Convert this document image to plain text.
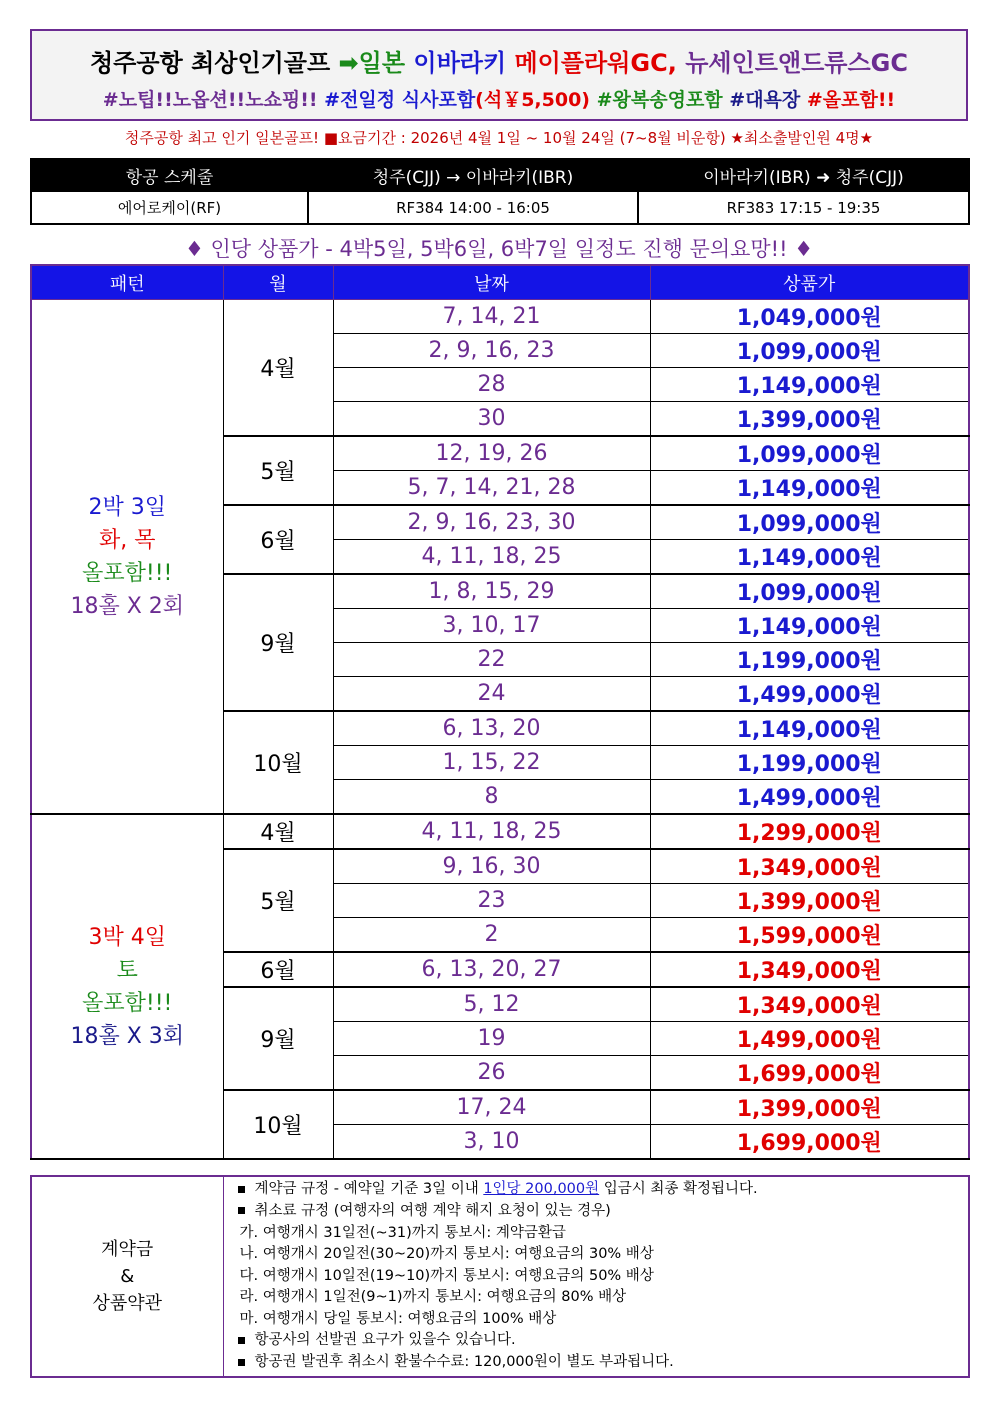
청주공항 최상인기골프 ➡일본 이바라키 메이플라워GC, 뉴세인트앤드류스GC
#노팁!!노옵션!!노쇼핑!! #전일정 식사포함(석￥5,500) #왕복송영포함 #대욕장 #올포함!!
청주공항 최고 인기 일본골프! ■요금기간 : 2026년 4월 1일 ~ 10월 24일 (7~8월 비운항) ★최소출발인원 4명★
항공 스케줄	청주(CJJ) → 이바라키(IBR)	이바라키(IBR) ➜ 청주(CJJ)
에어로케이(RF)	RF384 14:00 - 16:05	RF383 17:15 - 19:35
♦ 인당 상품가 - 4박5일, 5박6일, 6박7일 일정도 진행 문의요망!! ♦
패턴	월	날짜	상품가

2박 3일
화, 목
올포함!!!
18홀 X 2회	4월	7, 14, 21	1,049,000원
		2, 9, 16, 23	1,099,000원
		28	1,149,000원
		30	1,399,000원
	5월	12, 19, 26	1,099,000원
		5, 7, 14, 21, 28	1,149,000원
	6월	2, 9, 16, 23, 30	1,099,000원
		4, 11, 18, 25	1,149,000원
	9월	1, 8, 15, 29	1,099,000원
		3, 10, 17	1,149,000원
		22	1,199,000원
		24	1,499,000원
	10월	6, 13, 20	1,149,000원
		1, 15, 22	1,199,000원
		8	1,499,000원

3박 4일
토
올포함!!!
18홀 X 3회	4월	4, 11, 18, 25	1,299,000원
	5월	9, 16, 30	1,349,000원
		23	1,399,000원
		2	1,599,000원
	6월	6, 13, 20, 27	1,349,000원
	9월	5, 12	1,349,000원
		19	1,499,000원
		26	1,699,000원
	10월	17, 24	1,399,000원
		3, 10	1,699,000원
계약금
&
상품약관

계약금 규정 - 예약일 기준 3일 이내 1인당 200,000원 입금시 최종 확정됩니다.
취소료 규정 (여행자의 여행 계약 해지 요청이 있는 경우)
가. 여행개시 31일전(~31)까지 통보시: 계약금환급
나. 여행개시 20일전(30~20)까지 통보시: 여행요금의 30% 배상
다. 여행개시 10일전(19~10)까지 통보시: 여행요금의 50% 배상
라. 여행개시 1일전(9~1)까지 통보시: 여행요금의 80% 배상
마. 여행개시 당일 통보시: 여행요금의 100% 배상
항공사의 선발권 요구가 있을수 있습니다.
항공권 발권후 취소시 환불수수료: 120,000원이 별도 부과됩니다.
